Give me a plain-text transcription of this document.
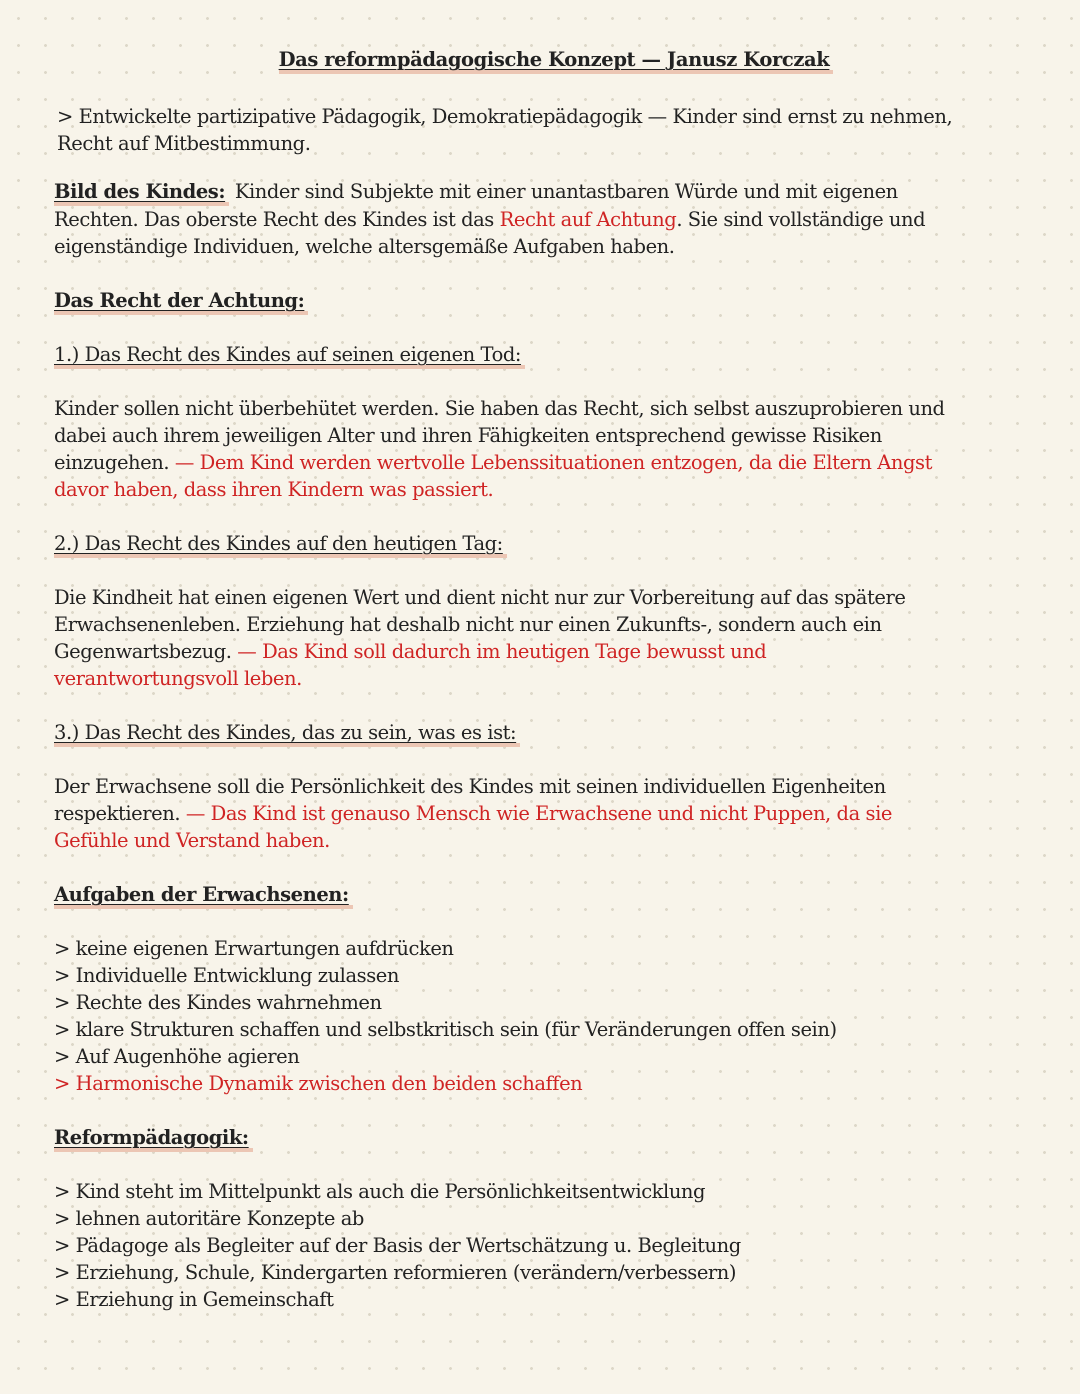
Das reformpädagogische Konzept — Janusz Korczak

> Entwickelte partizipative Pädagogik, Demokratiepädagogik — Kinder sind ernst zu nehmen,

Recht auf Mitbestimmung.

Bild des Kindes: Kinder sind Subjekte mit einer unantastbaren Würde und mit eigenen

Rechten. Das oberste Recht des Kindes ist das Recht auf Achtung. Sie sind vollständige und

eigenständige Individuen, welche altersgemäße Aufgaben haben.

Das Recht der Achtung:

1.) Das Recht des Kindes auf seinen eigenen Tod:

Kinder sollen nicht überbehütet werden. Sie haben das Recht, sich selbst auszuprobieren und

dabei auch ihrem jeweiligen Alter und ihren Fähigkeiten entsprechend gewisse Risiken

einzugehen. — Dem Kind werden wertvolle Lebenssituationen entzogen, da die Eltern Angst

davor haben, dass ihren Kindern was passiert.

2.) Das Recht des Kindes auf den heutigen Tag:

Die Kindheit hat einen eigenen Wert und dient nicht nur zur Vorbereitung auf das spätere

Erwachsenenleben. Erziehung hat deshalb nicht nur einen Zukunfts-, sondern auch ein

Gegenwartsbezug. — Das Kind soll dadurch im heutigen Tage bewusst und

verantwortungsvoll leben.

3.) Das Recht des Kindes, das zu sein, was es ist:

Der Erwachsene soll die Persönlichkeit des Kindes mit seinen individuellen Eigenheiten

respektieren. — Das Kind ist genauso Mensch wie Erwachsene und nicht Puppen, da sie

Gefühle und Verstand haben.

Aufgaben der Erwachsenen:

> keine eigenen Erwartungen aufdrücken

> Individuelle Entwicklung zulassen

> Rechte des Kindes wahrnehmen

> klare Strukturen schaffen und selbstkritisch sein (für Veränderungen offen sein)

> Auf Augenhöhe agieren

> Harmonische Dynamik zwischen den beiden schaffen

Reformpädagogik:

> Kind steht im Mittelpunkt als auch die Persönlichkeitsentwicklung

> lehnen autoritäre Konzepte ab

> Pädagoge als Begleiter auf der Basis der Wertschätzung u. Begleitung

> Erziehung, Schule, Kindergarten reformieren (verändern/verbessern)

> Erziehung in Gemeinschaft
